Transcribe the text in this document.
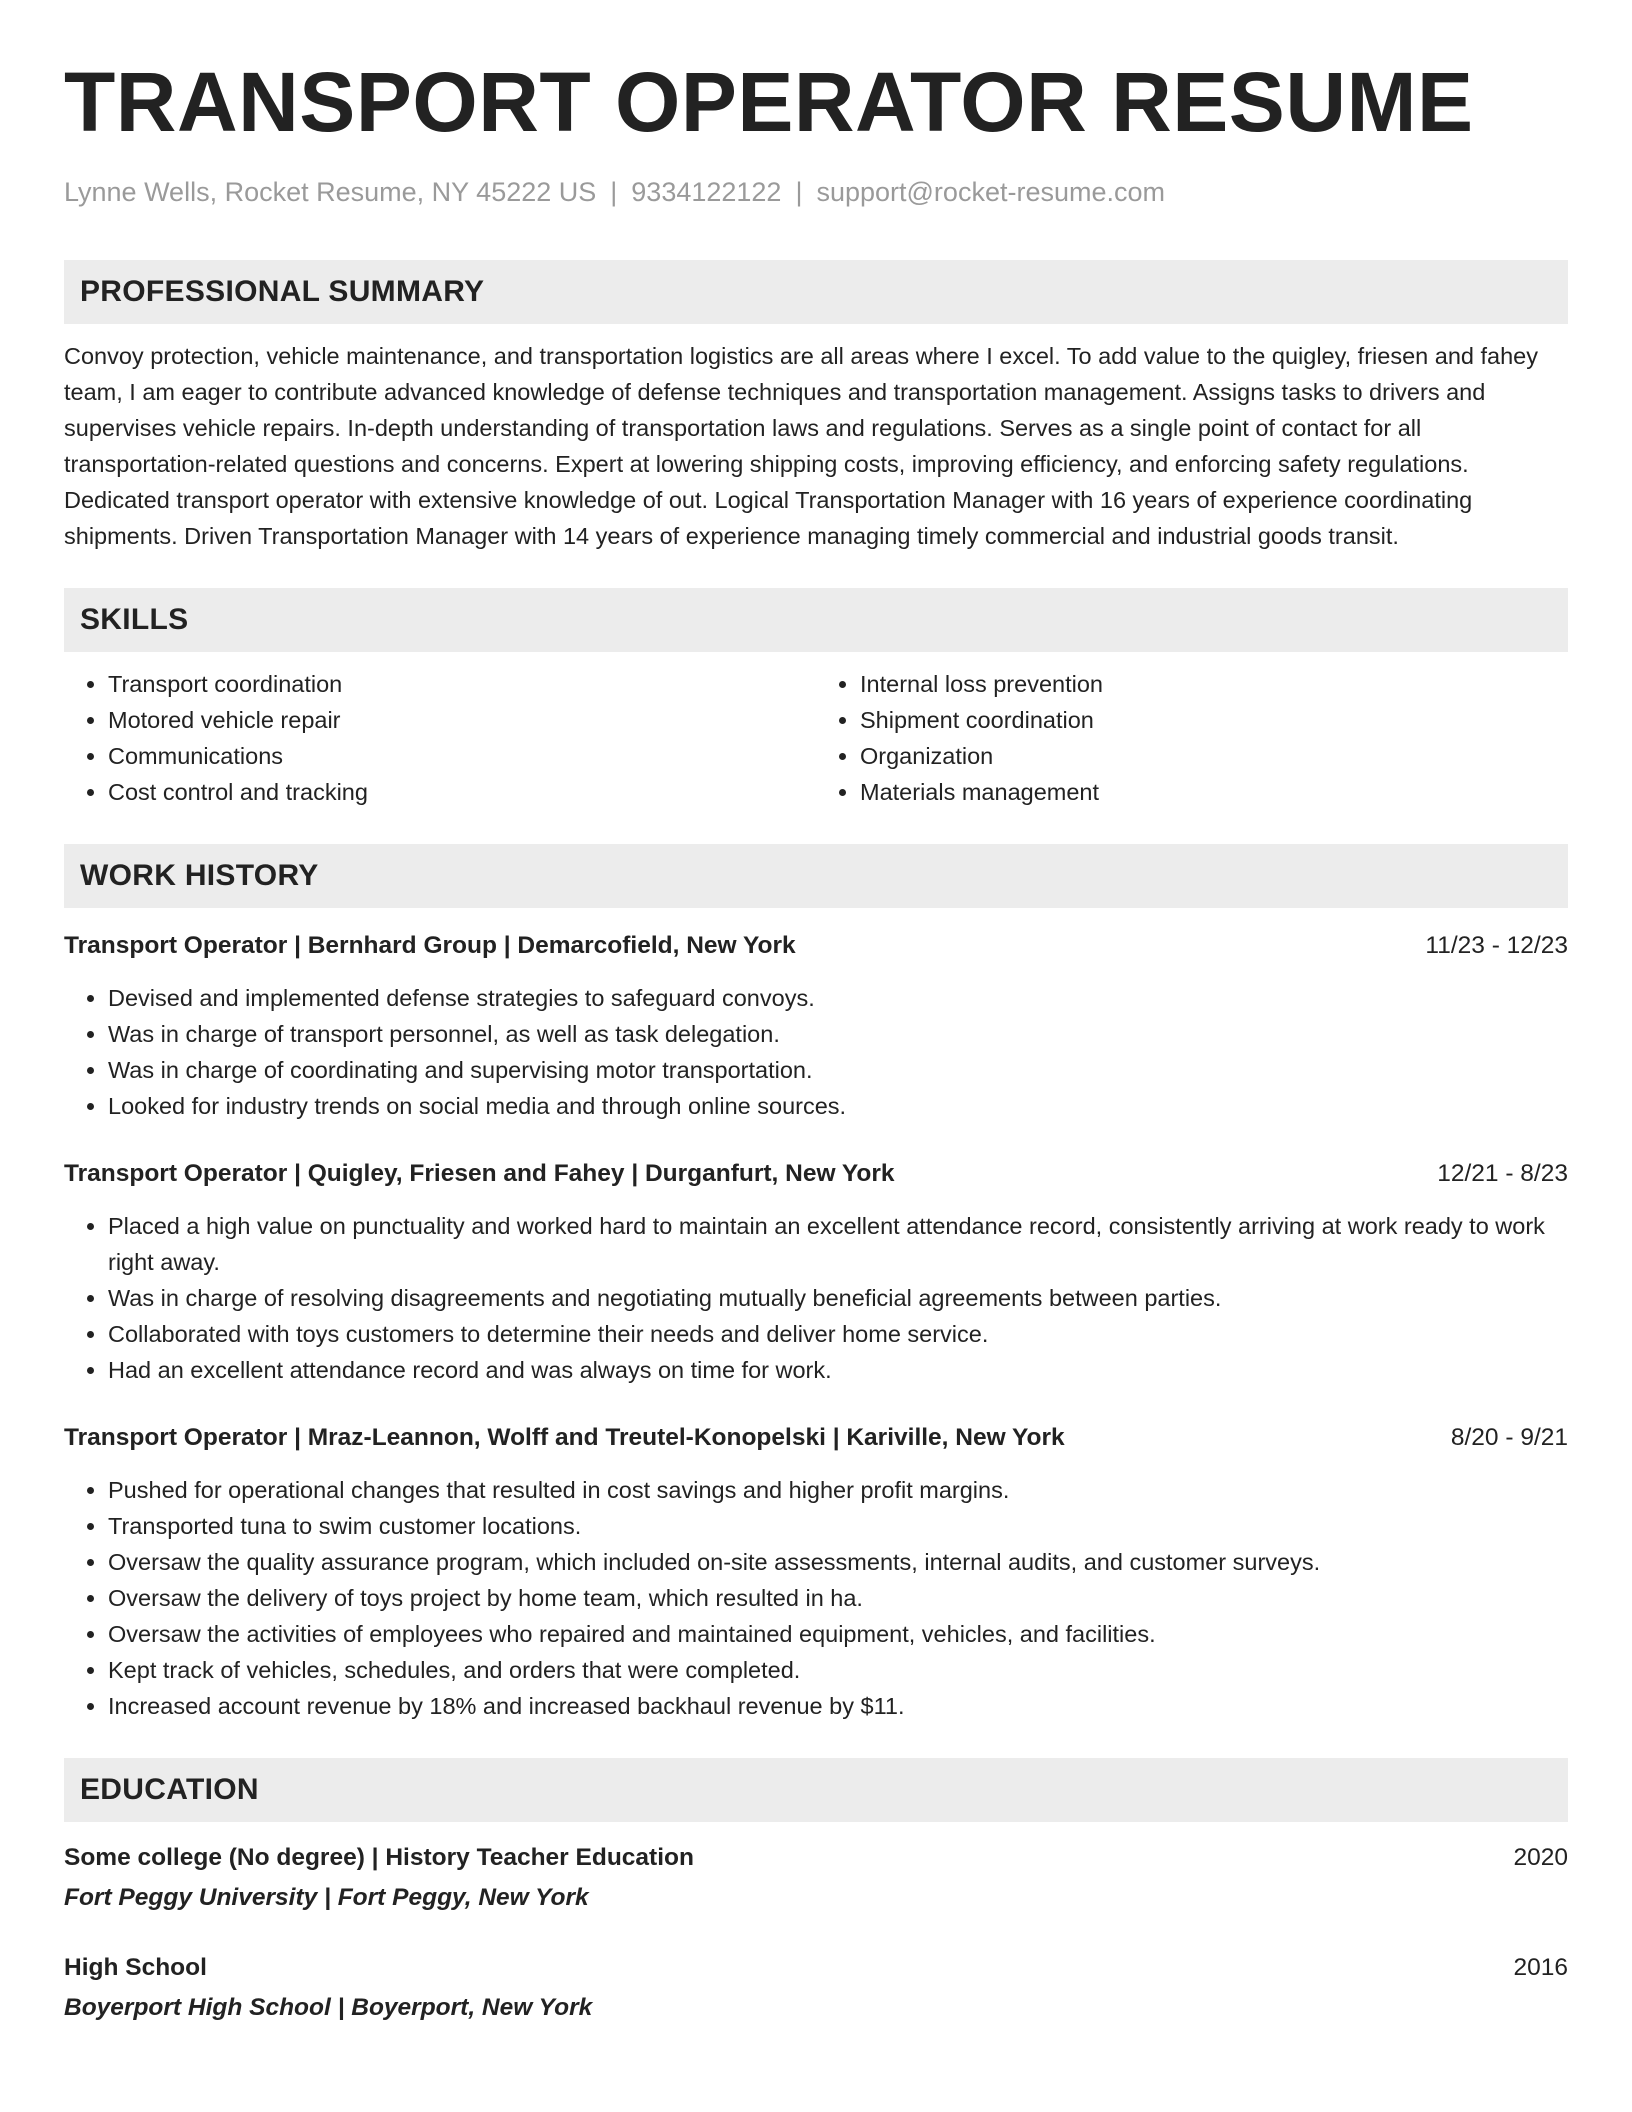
TRANSPORT OPERATOR RESUME
Lynne Wells, Rocket Resume, NY 45222 US | 9334122122 | support@rocket-resume.com
PROFESSIONAL SUMMARY
Convoy protection, vehicle maintenance, and transportation logistics are all areas where I excel. To add value to the quigley, friesen and fahey team, I am eager to contribute advanced knowledge of defense techniques and transportation management. Assigns tasks to drivers and supervises vehicle repairs. In-depth understanding of transportation laws and regulations. Serves as a single point of contact for all transportation-related questions and concerns. Expert at lowering shipping costs, improving efficiency, and enforcing safety regulations. Dedicated transport operator with extensive knowledge of out. Logical Transportation Manager with 16 years of experience coordinating shipments. Driven Transportation Manager with 14 years of experience managing timely commercial and industrial goods transit.
SKILLS
• Transport coordination
• Motored vehicle repair
• Communications
• Cost control and tracking
• Internal loss prevention
• Shipment coordination
• Organization
• Materials management
WORK HISTORY
Transport Operator | Bernhard Group | Demarcofield, New York	11/23 - 12/23
• Devised and implemented defense strategies to safeguard convoys.
• Was in charge of transport personnel, as well as task delegation.
• Was in charge of coordinating and supervising motor transportation.
• Looked for industry trends on social media and through online sources.
Transport Operator | Quigley, Friesen and Fahey | Durganfurt, New York	12/21 - 8/23
• Placed a high value on punctuality and worked hard to maintain an excellent attendance record, consistently arriving at work ready to work right away.
• Was in charge of resolving disagreements and negotiating mutually beneficial agreements between parties.
• Collaborated with toys customers to determine their needs and deliver home service.
• Had an excellent attendance record and was always on time for work.
Transport Operator | Mraz-Leannon, Wolff and Treutel-Konopelski | Kariville, New York	8/20 - 9/21
• Pushed for operational changes that resulted in cost savings and higher profit margins.
• Transported tuna to swim customer locations.
• Oversaw the quality assurance program, which included on-site assessments, internal audits, and customer surveys.
• Oversaw the delivery of toys project by home team, which resulted in ha.
• Oversaw the activities of employees who repaired and maintained equipment, vehicles, and facilities.
• Kept track of vehicles, schedules, and orders that were completed.
• Increased account revenue by 18% and increased backhaul revenue by $11.
EDUCATION
Some college (No degree) | History Teacher Education	2020
Fort Peggy University | Fort Peggy, New York
High School	2016
Boyerport High School | Boyerport, New York
